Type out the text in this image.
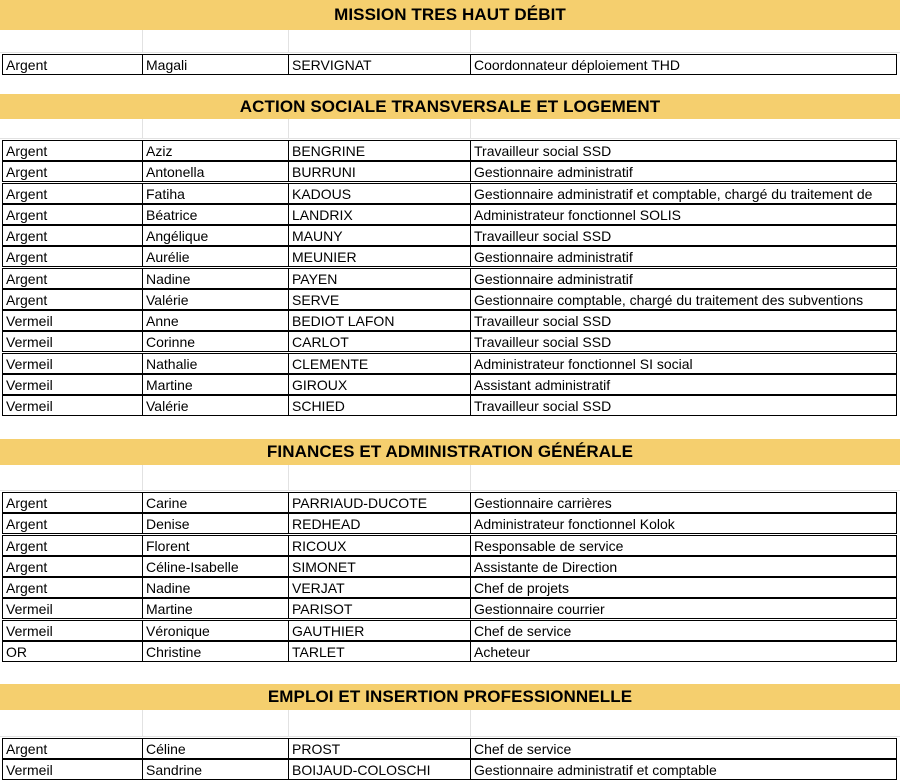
MISSION TRES HAUT DÉBIT
Argent	Magali	SERVIGNAT	Coordonnateur déploiement THD
ACTION SOCIALE TRANSVERSALE ET LOGEMENT
Argent	Aziz	BENGRINE	Travailleur social SSD
Argent	Antonella	BURRUNI	Gestionnaire administratif
Argent	Fatiha	KADOUS	Gestionnaire administratif et comptable, chargé du traitement de
Argent	Béatrice	LANDRIX	Administrateur fonctionnel SOLIS
Argent	Angélique	MAUNY	Travailleur social SSD
Argent	Aurélie	MEUNIER	Gestionnaire administratif
Argent	Nadine	PAYEN	Gestionnaire administratif
Argent	Valérie	SERVE	Gestionnaire comptable, chargé du traitement des subventions
Vermeil	Anne	BEDIOT LAFON	Travailleur social SSD
Vermeil	Corinne	CARLOT	Travailleur social SSD
Vermeil	Nathalie	CLEMENTE	Administrateur fonctionnel SI social
Vermeil	Martine	GIROUX	Assistant administratif
Vermeil	Valérie	SCHIED	Travailleur social SSD
FINANCES ET ADMINISTRATION GÉNÉRALE
Argent	Carine	PARRIAUD-DUCOTE	Gestionnaire carrières
Argent	Denise	REDHEAD	Administrateur fonctionnel Kolok
Argent	Florent	RICOUX	Responsable de service
Argent	Céline-Isabelle	SIMONET	Assistante de Direction
Argent	Nadine	VERJAT	Chef de projets
Vermeil	Martine	PARISOT	Gestionnaire courrier
Vermeil	Véronique	GAUTHIER	Chef de service
OR	Christine	TARLET	Acheteur
EMPLOI ET INSERTION PROFESSIONNELLE
Argent	Céline	PROST	Chef de service
Vermeil	Sandrine	BOIJAUD-COLOSCHI	Gestionnaire administratif et comptable
